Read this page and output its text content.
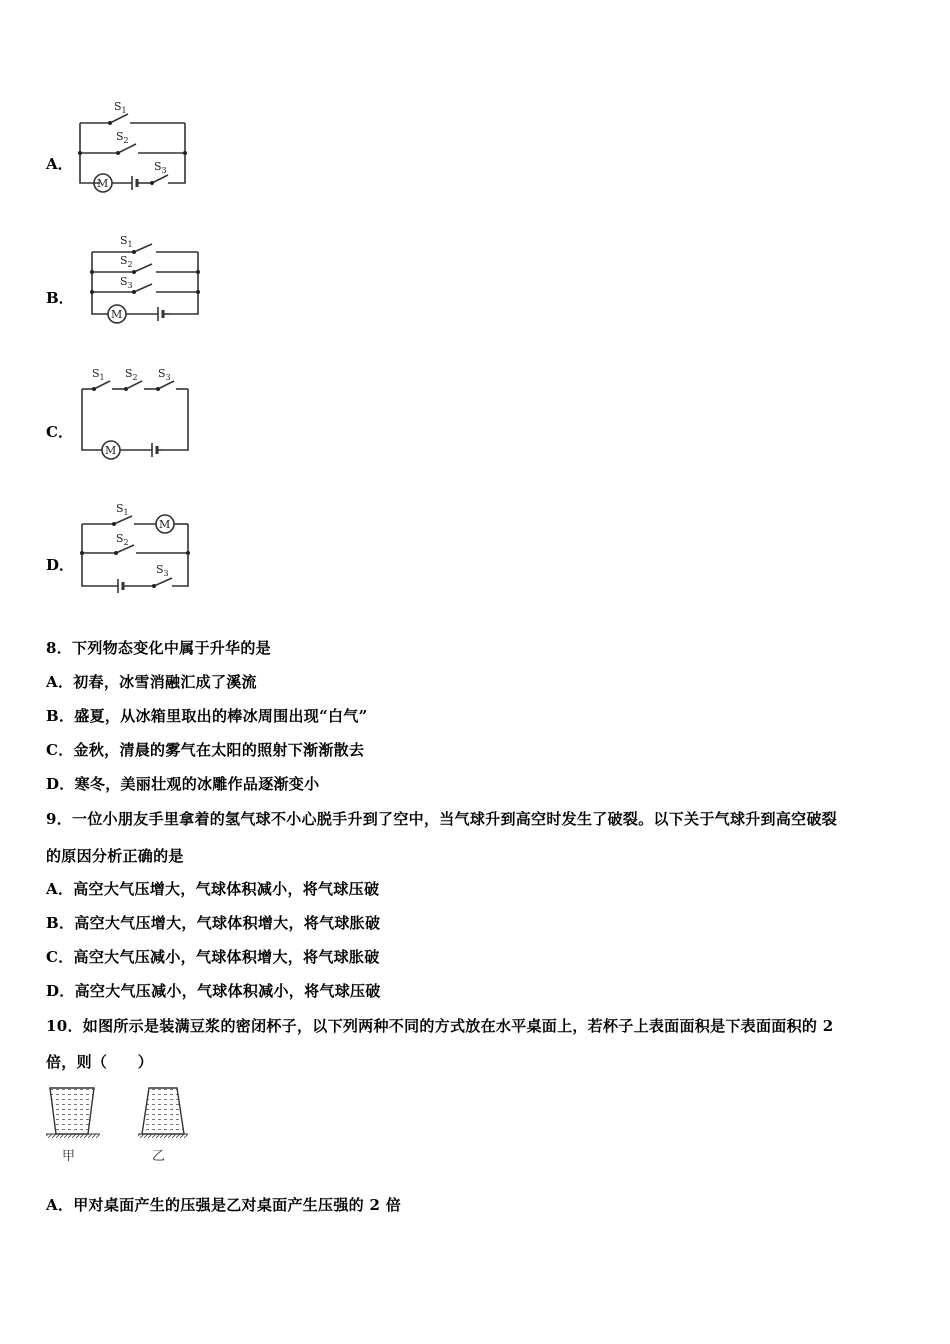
A．
$S_1$
$S_2$
M
$S_3$
B．
$S_1$
$S_2$
$S_3$
M
C．
$S_1$ $S_2$ $S_3$
M
D．
M
$S_1$
$S_2$
$S_3$
8．下列物态变化中属于升华的是
A．初春，冰雪消融汇成了溪流
B．盛夏，从冰箱里取出的棒冰周围出现“白气”
C．金秋，清晨的雾气在太阳的照射下渐渐散去
D．寒冬，美丽壮观的冰雕作品逐渐变小
9．一位小朋友手里拿着的氢气球不小心脱手升到了空中，当气球升到高空时发生了破裂。以下关于气球升到高空破裂
的原因分析正确的是
A．高空大气压增大，气球体积减小，将气球压破
B．高空大气压增大，气球体积增大，将气球胀破
C．高空大气压减小，气球体积增大，将气球胀破
D．高空大气压减小，气球体积减小，将气球压破
10．如图所示是装满豆浆的密闭杯子，以下列两种不同的方式放在水平桌面上，若杯子上表面面积是下表面面积的 2
倍，则（　　）
甲	乙
A．甲对桌面产生的压强是乙对桌面产生压强的 2 倍
